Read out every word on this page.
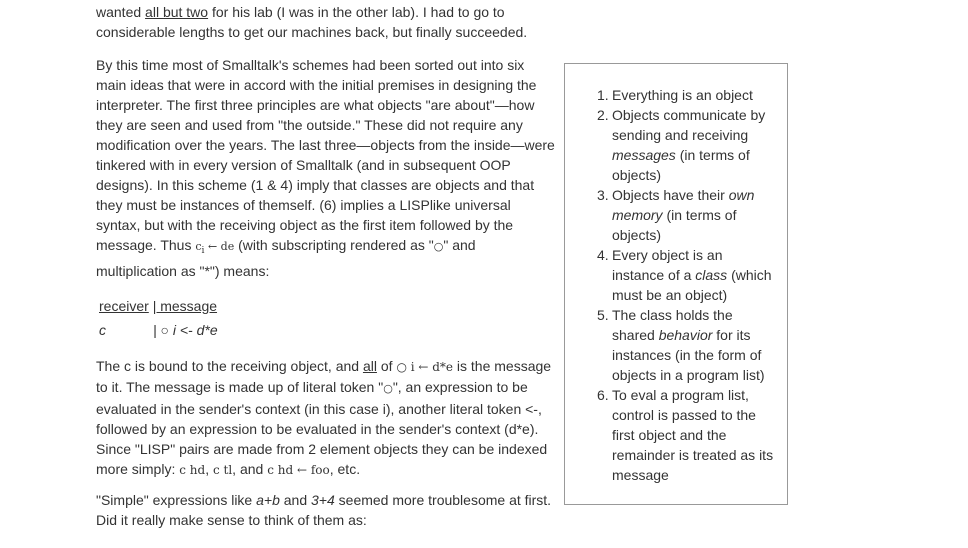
wanted all but two for his lab (I was in the other lab). I had to go to considerable lengths to get our machines back, but finally succeeded.

By this time most of Smalltalk's schemes had been sorted out into six main ideas that were in accord with the initial premises in designing the interpreter. The first three principles are what objects "are about"—how they are seen and used from "the outside." These did not require any modification over the years. The last three—objects from the inside—were tinkered with in every version of Smalltalk (and in subsequent OOP designs). In this scheme (1 & 4) imply that classes are objects and that they must be instances of themself. (6) implies a LISPlike universal syntax, but with the receiving object as the first item followed by the message. Thus $c_i$ ← de (with subscripting rendered as "○" and multiplication as "*") means:

receiver | message
c	| ○ i <- d*e

The c is bound to the receiving object, and all of ○ i ← d*e is the message to it. The message is made up of literal token "○", an expression to be evaluated in the sender's context (in this case i), another literal token <-, followed by an expression to be evaluated in the sender's context (d*e). Since "LISP" pairs are made from 2 element objects they can be indexed more simply: c hd, c tl, and c hd ← foo, etc.

"Simple" expressions like a+b and 3+4 seemed more troublesome at first. Did it really make sense to think of them as:

1. Everything is an object
2. Objects communicate by sending and receiving messages (in terms of objects)
3. Objects have their own memory (in terms of objects)
4. Every object is an instance of a class (which must be an object)
5. The class holds the shared behavior for its instances (in the form of objects in a program list)
6. To eval a program list, control is passed to the first object and the remainder is treated as its message
